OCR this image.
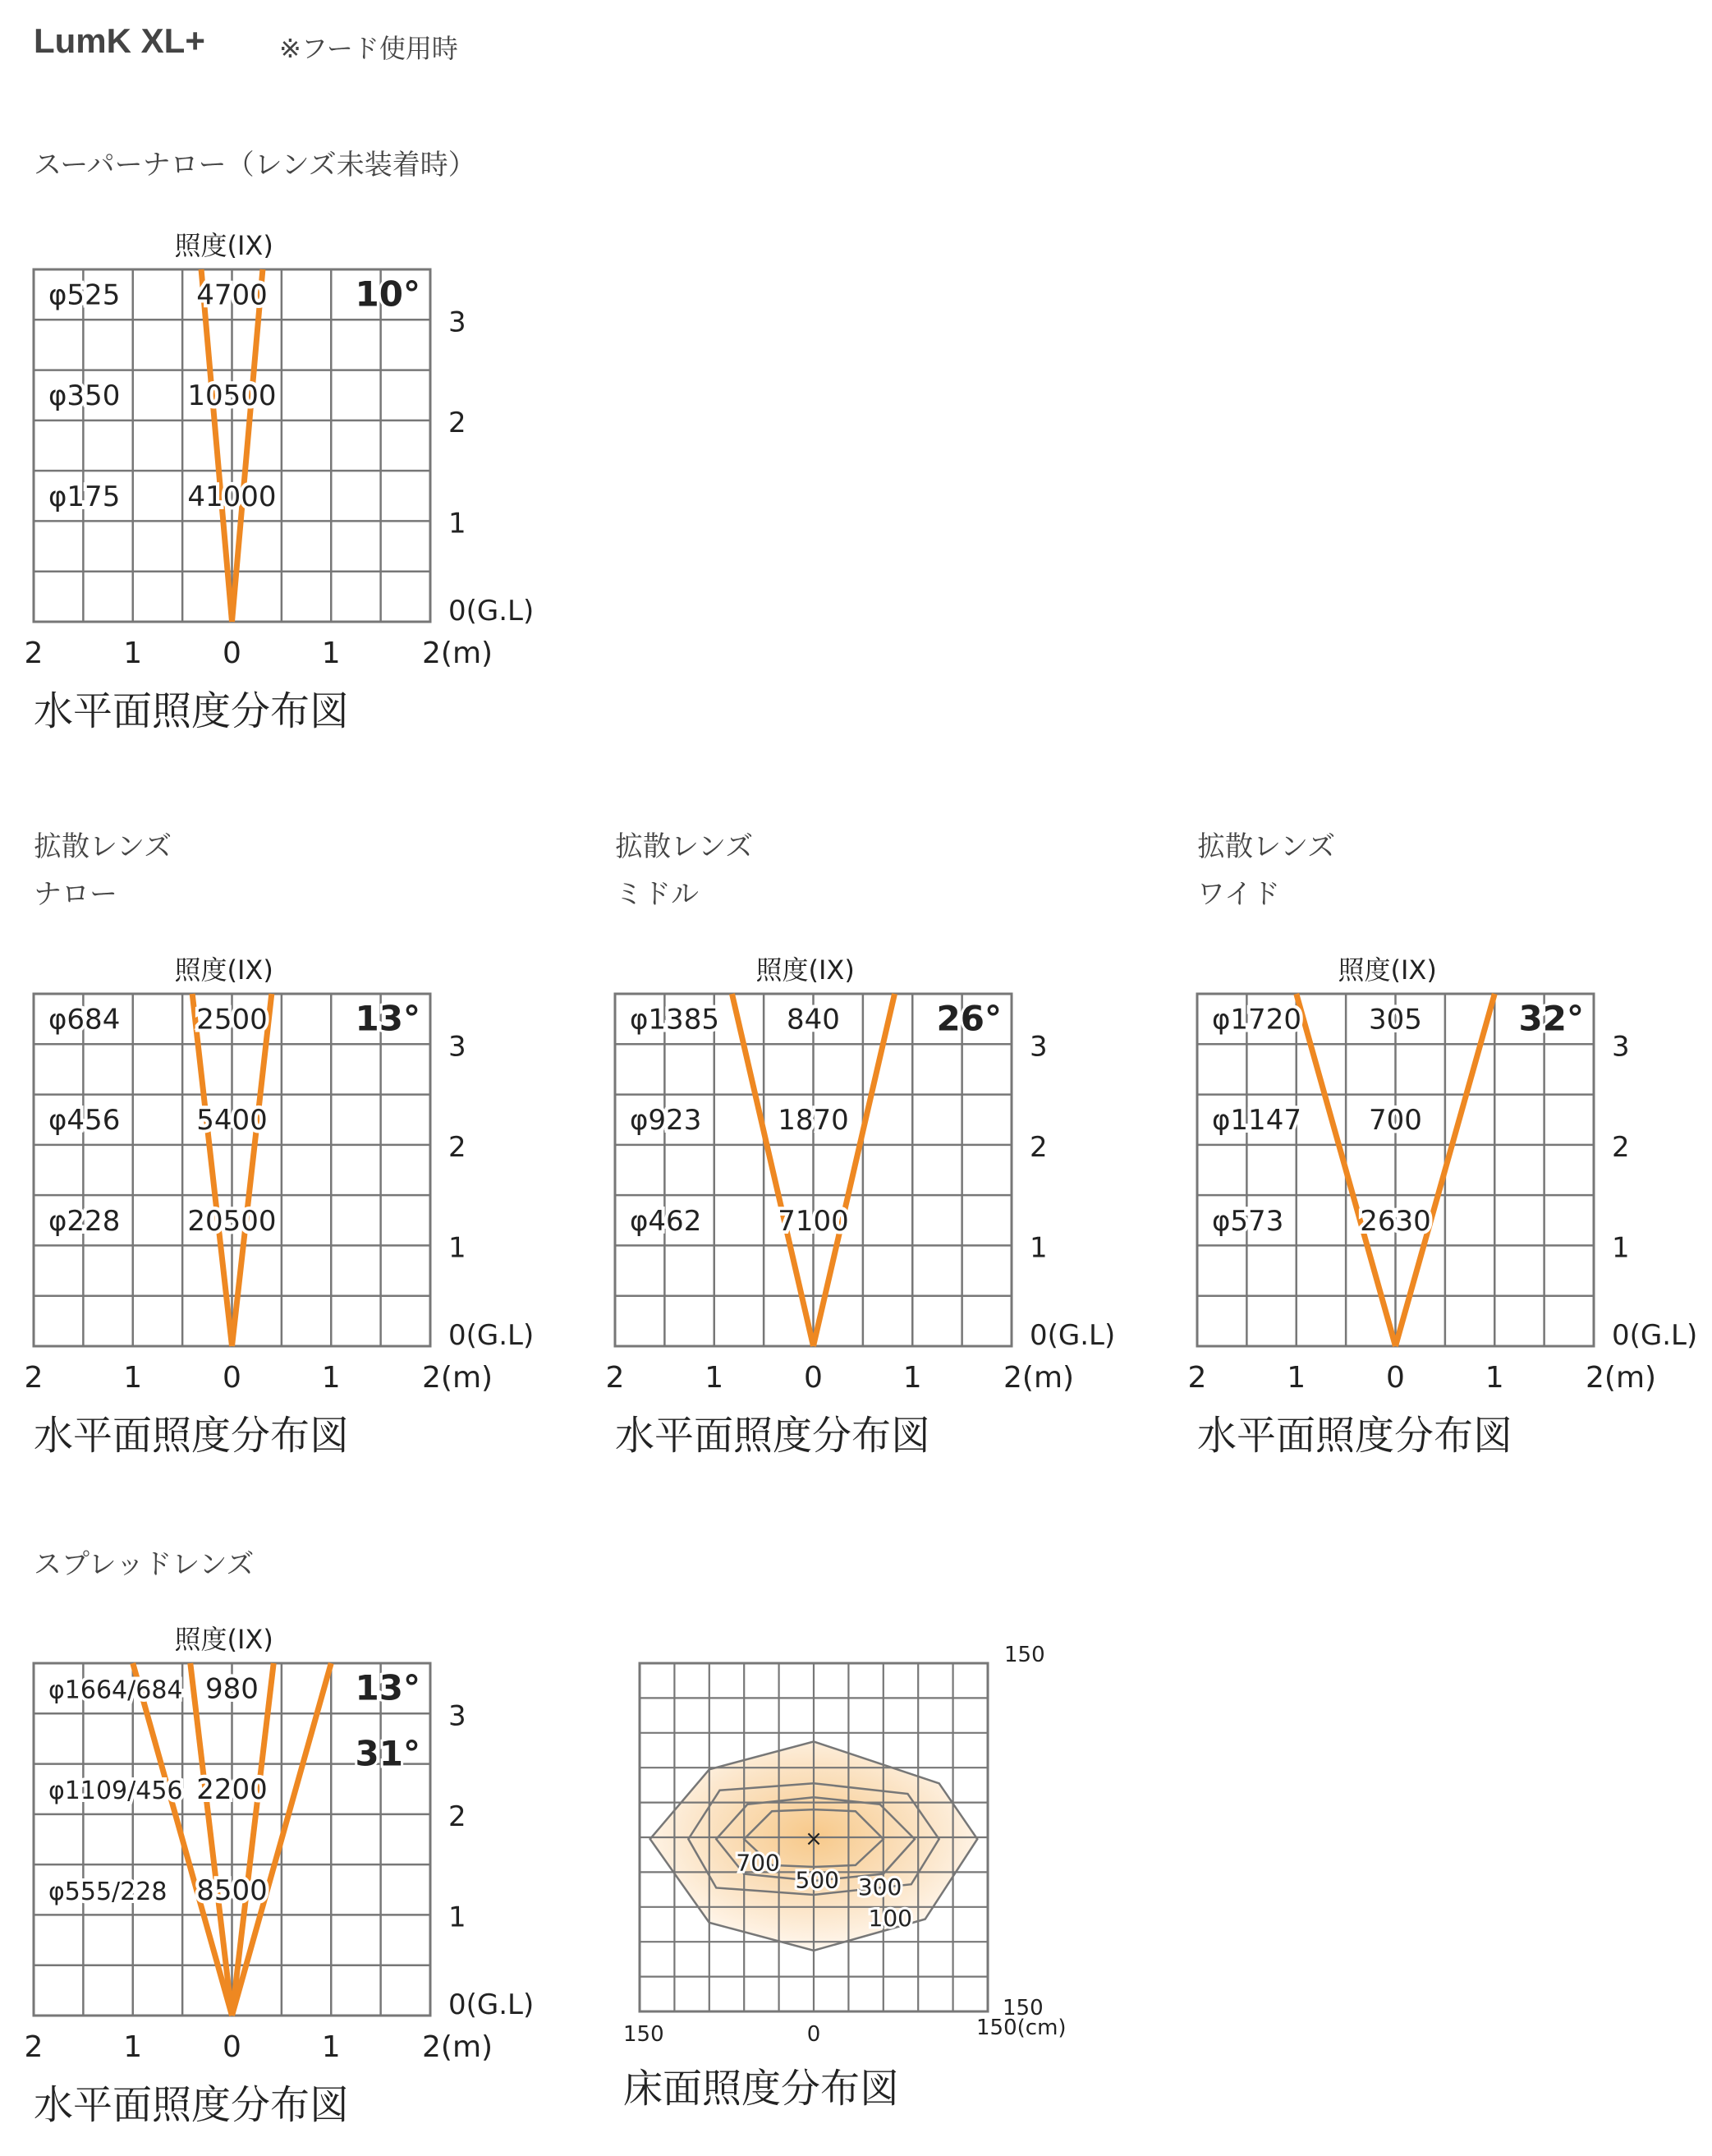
LumK XL+	※フード使用時
スーパーナロー（レンズ未装着時）
拡散レンズ
ナロー
拡散レンズ
ミドル
拡散レンズ
ワイド
スプレッドレンズ
照度(IX)
φ525	4700
φ350 10500
φ175 41000
10°
3
2
1
0(G.L)
2	1	0	1	2(m)
水平面照度分布図
照度(IX)
φ684	2500
φ456	5400
φ228 20500
13°
3
2
1
0(G.L)
2	1	0	1	2(m)
水平面照度分布図
照度(IX)
φ1385 840
φ923	1870
φ462	7100
26°
3
2
1
0(G.L)
2	1	0	1	2(m)
水平面照度分布図
照度(IX)
φ1720 305
φ1147 700
φ573	2630
32°
3
2
1
0(G.L)
2	1	0	1	2(m)
水平面照度分布図
照度(IX)
φ1664/684 980
φ1109/456 2200
φ555/228 8500
13°
31°
3
2
1
0(G.L)
2	1	0	1	2(m)
水平面照度分布図
×
700
500 300
100
150
150
150	0	150(cm)
床面照度分布図
